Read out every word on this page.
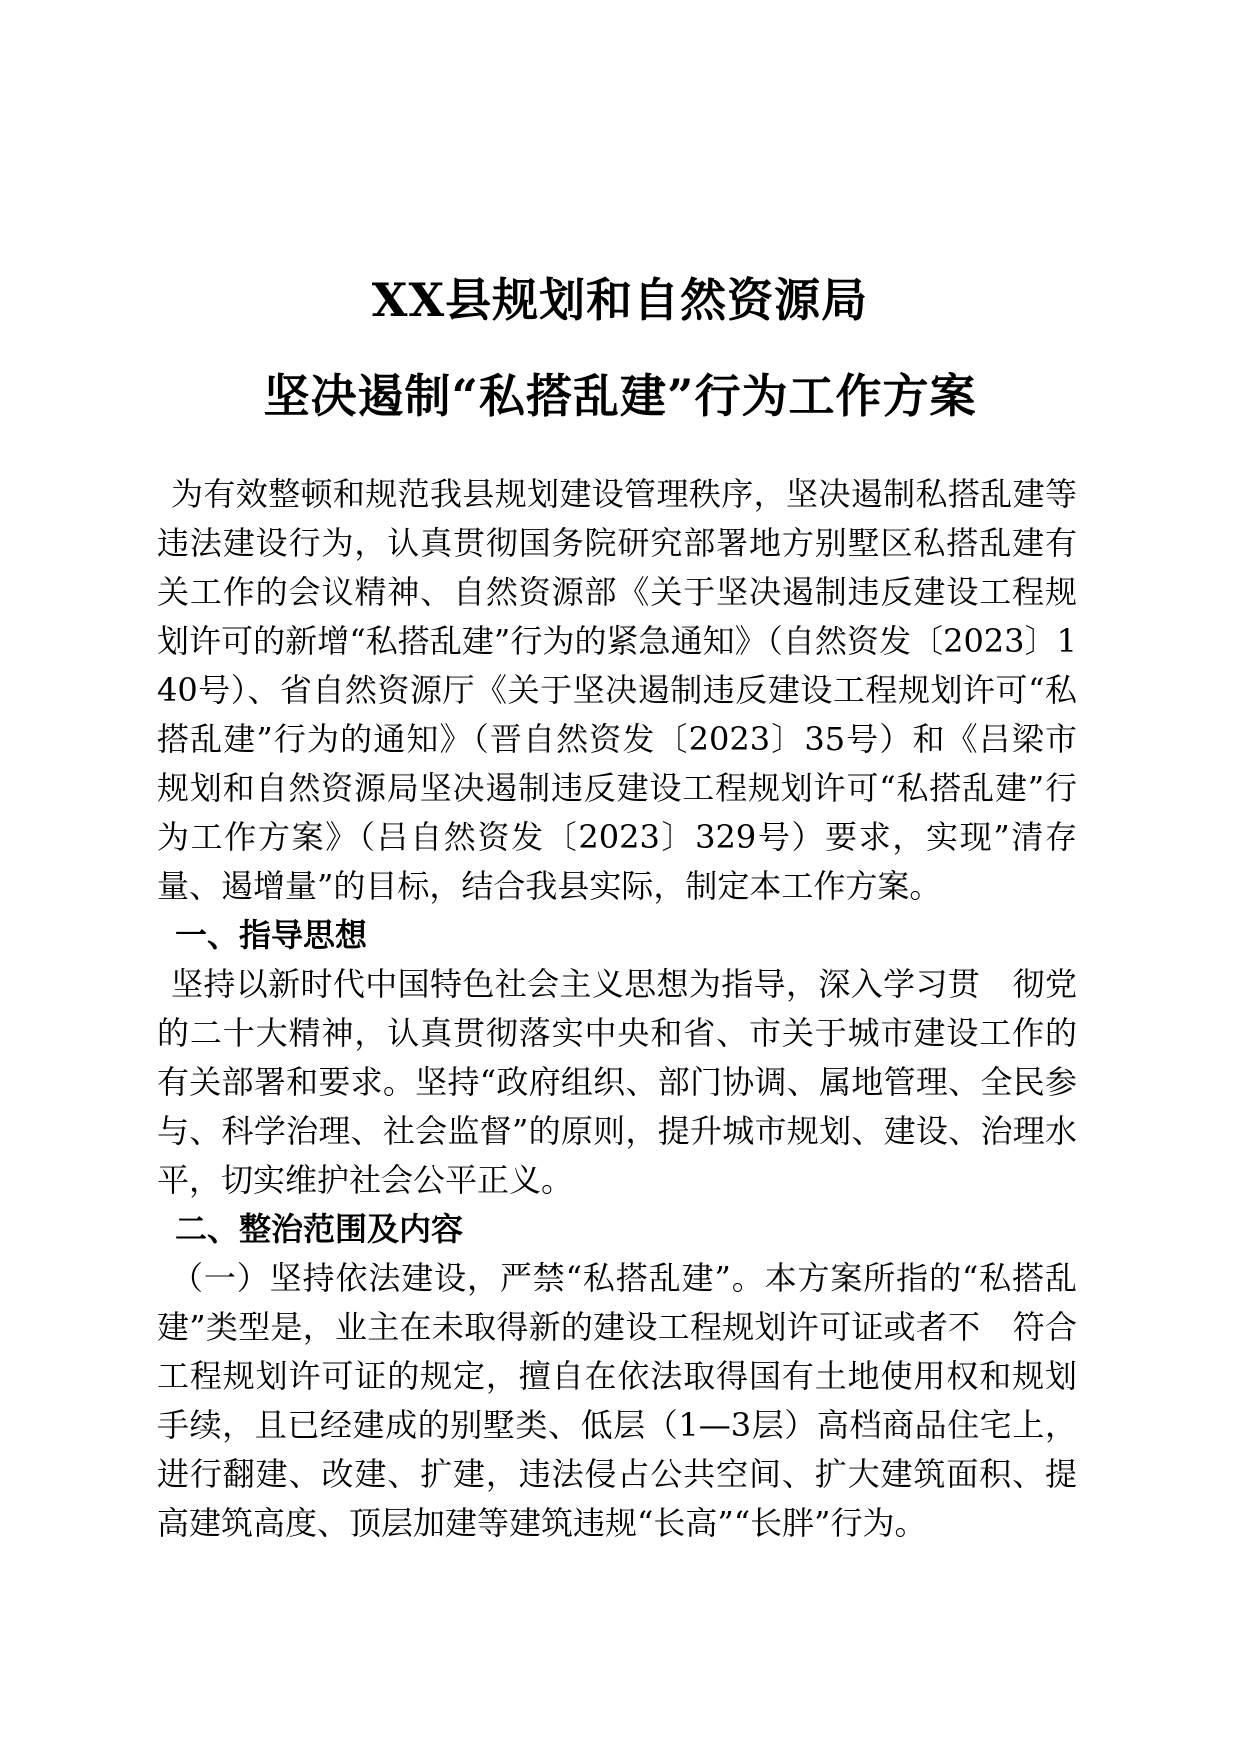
XX县规划和自然资源局
坚决遏制“私搭乱建”行为工作方案

为有效整顿和规范我县规划建设管理秩序，坚决遏制私搭乱建等违法建设行为，认真贯彻国务院研究部署地方别墅区私搭乱建有关工作的会议精神、自然资源部《关于坚决遏制违反建设工程规划许可的新增“私搭乱建”行为的紧急通知》（自然资发〔2023〕140号）、省自然资源厅《关于坚决遏制违反建设工程规划许可“私搭乱建”行为的通知》（晋自然资发〔2023〕35号）和《吕梁市规划和自然资源局坚决遏制违反建设工程规划许可“私搭乱建”行为工作方案》（吕自然资发〔2023〕329号）要求，实现”清存量、遏增量”的目标，结合我县实际，制定本工作方案。

一、指导思想

坚持以新时代中国特色社会主义思想为指导，深入学习贯　彻党的二十大精神，认真贯彻落实中央和省、市关于城市建设工作的有关部署和要求。坚持“政府组织、部门协调、属地管理、全民参与、科学治理、社会监督”的原则，提升城市规划、建设、治理水平，切实维护社会公平正义。

二、整治范围及内容

（一）坚持依法建设，严禁“私搭乱建”。本方案所指的“私搭乱建”类型是，业主在未取得新的建设工程规划许可证或者不　符合工程规划许可证的规定，擅自在依法取得国有土地使用权和规划手续，且已经建成的别墅类、低层（1—3层）高档商品住宅上，进行翻建、改建、扩建，违法侵占公共空间、扩大建筑面积、提高建筑高度、顶层加建等建筑违规“长高”“长胖”行为。
